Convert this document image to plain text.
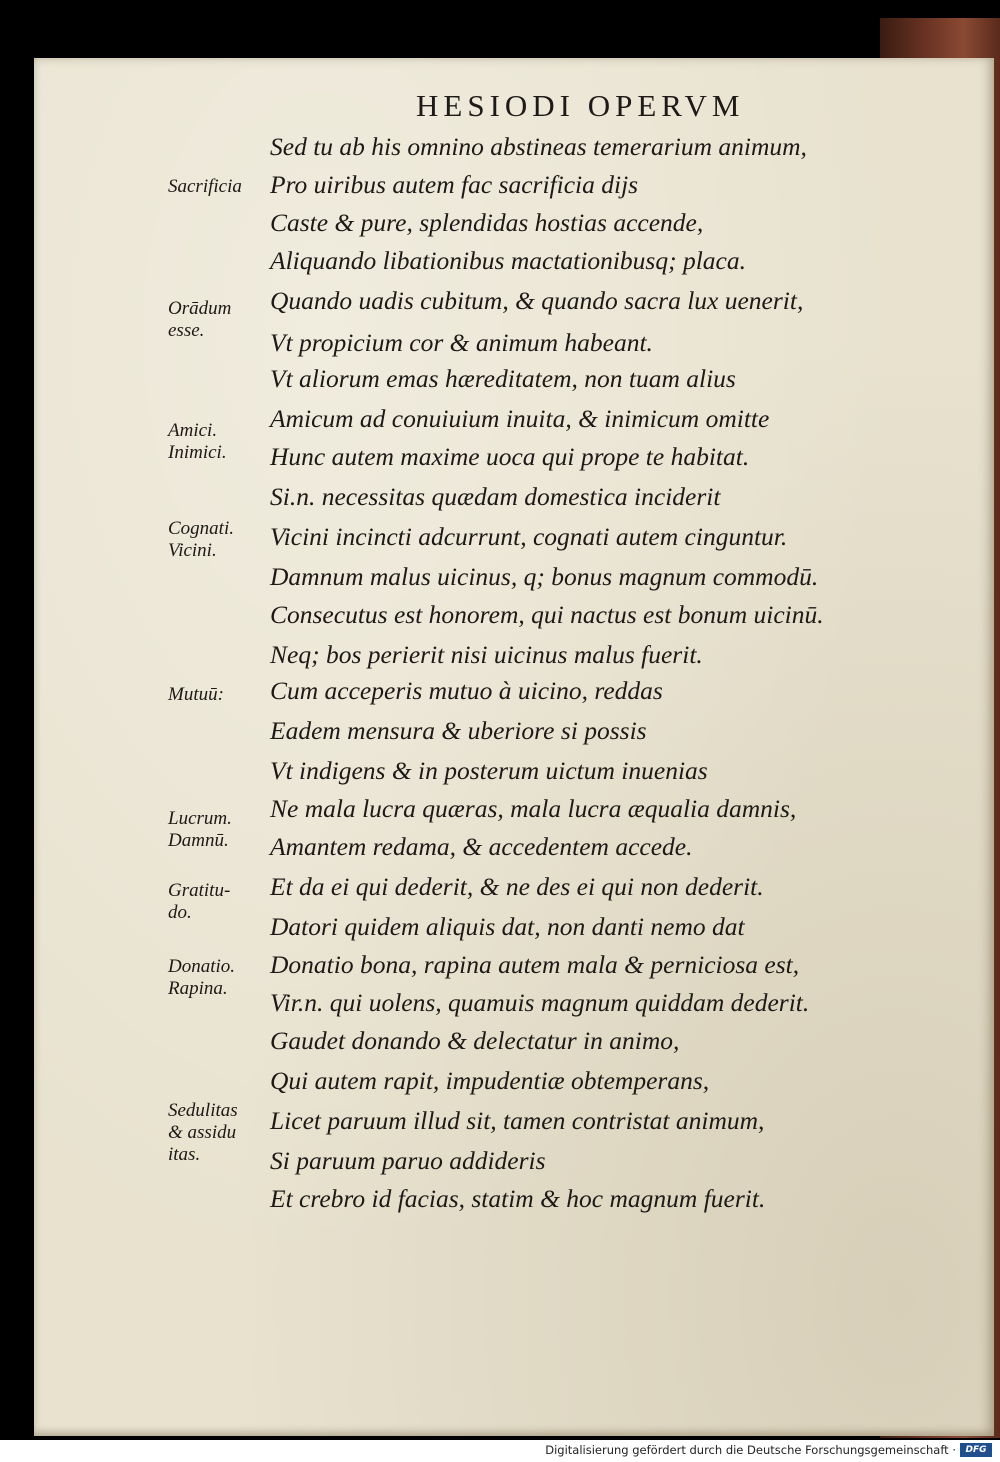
HESIODI OPERVM
Sed tu ab his omnino abstineas temerarium animum,
Pro uiribus autem fac sacrificia dijs
Caste & pure, splendidas hostias accende,
Aliquando libationibus mactationibusq; placa.
Quando uadis cubitum, & quando sacra lux uenerit,
Vt propicium cor & animum habeant.
Vt aliorum emas hæreditatem, non tuam alius
Amicum ad conuiuium inuita, & inimicum omitte
Hunc autem maxime uoca qui prope te habitat.
Si.n. necessitas quædam domestica inciderit
Vicini incincti adcurrunt, cognati autem cinguntur.
Damnum malus uicinus, q; bonus magnum commodū.
Consecutus est honorem, qui nactus est bonum uicinū.
Neq; bos perierit nisi uicinus malus fuerit.
Cum acceperis mutuo à uicino, reddas
Eadem mensura & uberiore si possis
Vt indigens & in posterum uictum inuenias
Ne mala lucra quæras, mala lucra æqualia damnis,
Amantem redama, & accedentem accede.
Et da ei qui dederit, & ne des ei qui non dederit.
Datori quidem aliquis dat, non danti nemo dat
Donatio bona, rapina autem mala & perniciosa est,
Vir.n. qui uolens, quamuis magnum quiddam dederit.
Gaudet donando & delectatur in animo,
Qui autem rapit, impudentiæ obtemperans,
Licet paruum illud sit, tamen contristat animum,
Si paruum paruo addideris
Et crebro id facias, statim & hoc magnum fuerit.
Sacrificia
Orādum
esse.
Amici.
Inimici.
Cognati.
Vicini.
Mutuū:
Lucrum.
Damnū.
Gratitu-
do.
Donatio.
Rapina.
Sedulitas
& assidu
itas.
Digitalisierung gefördert durch die Deutsche Forschungsgemeinschaft ·	DFG
